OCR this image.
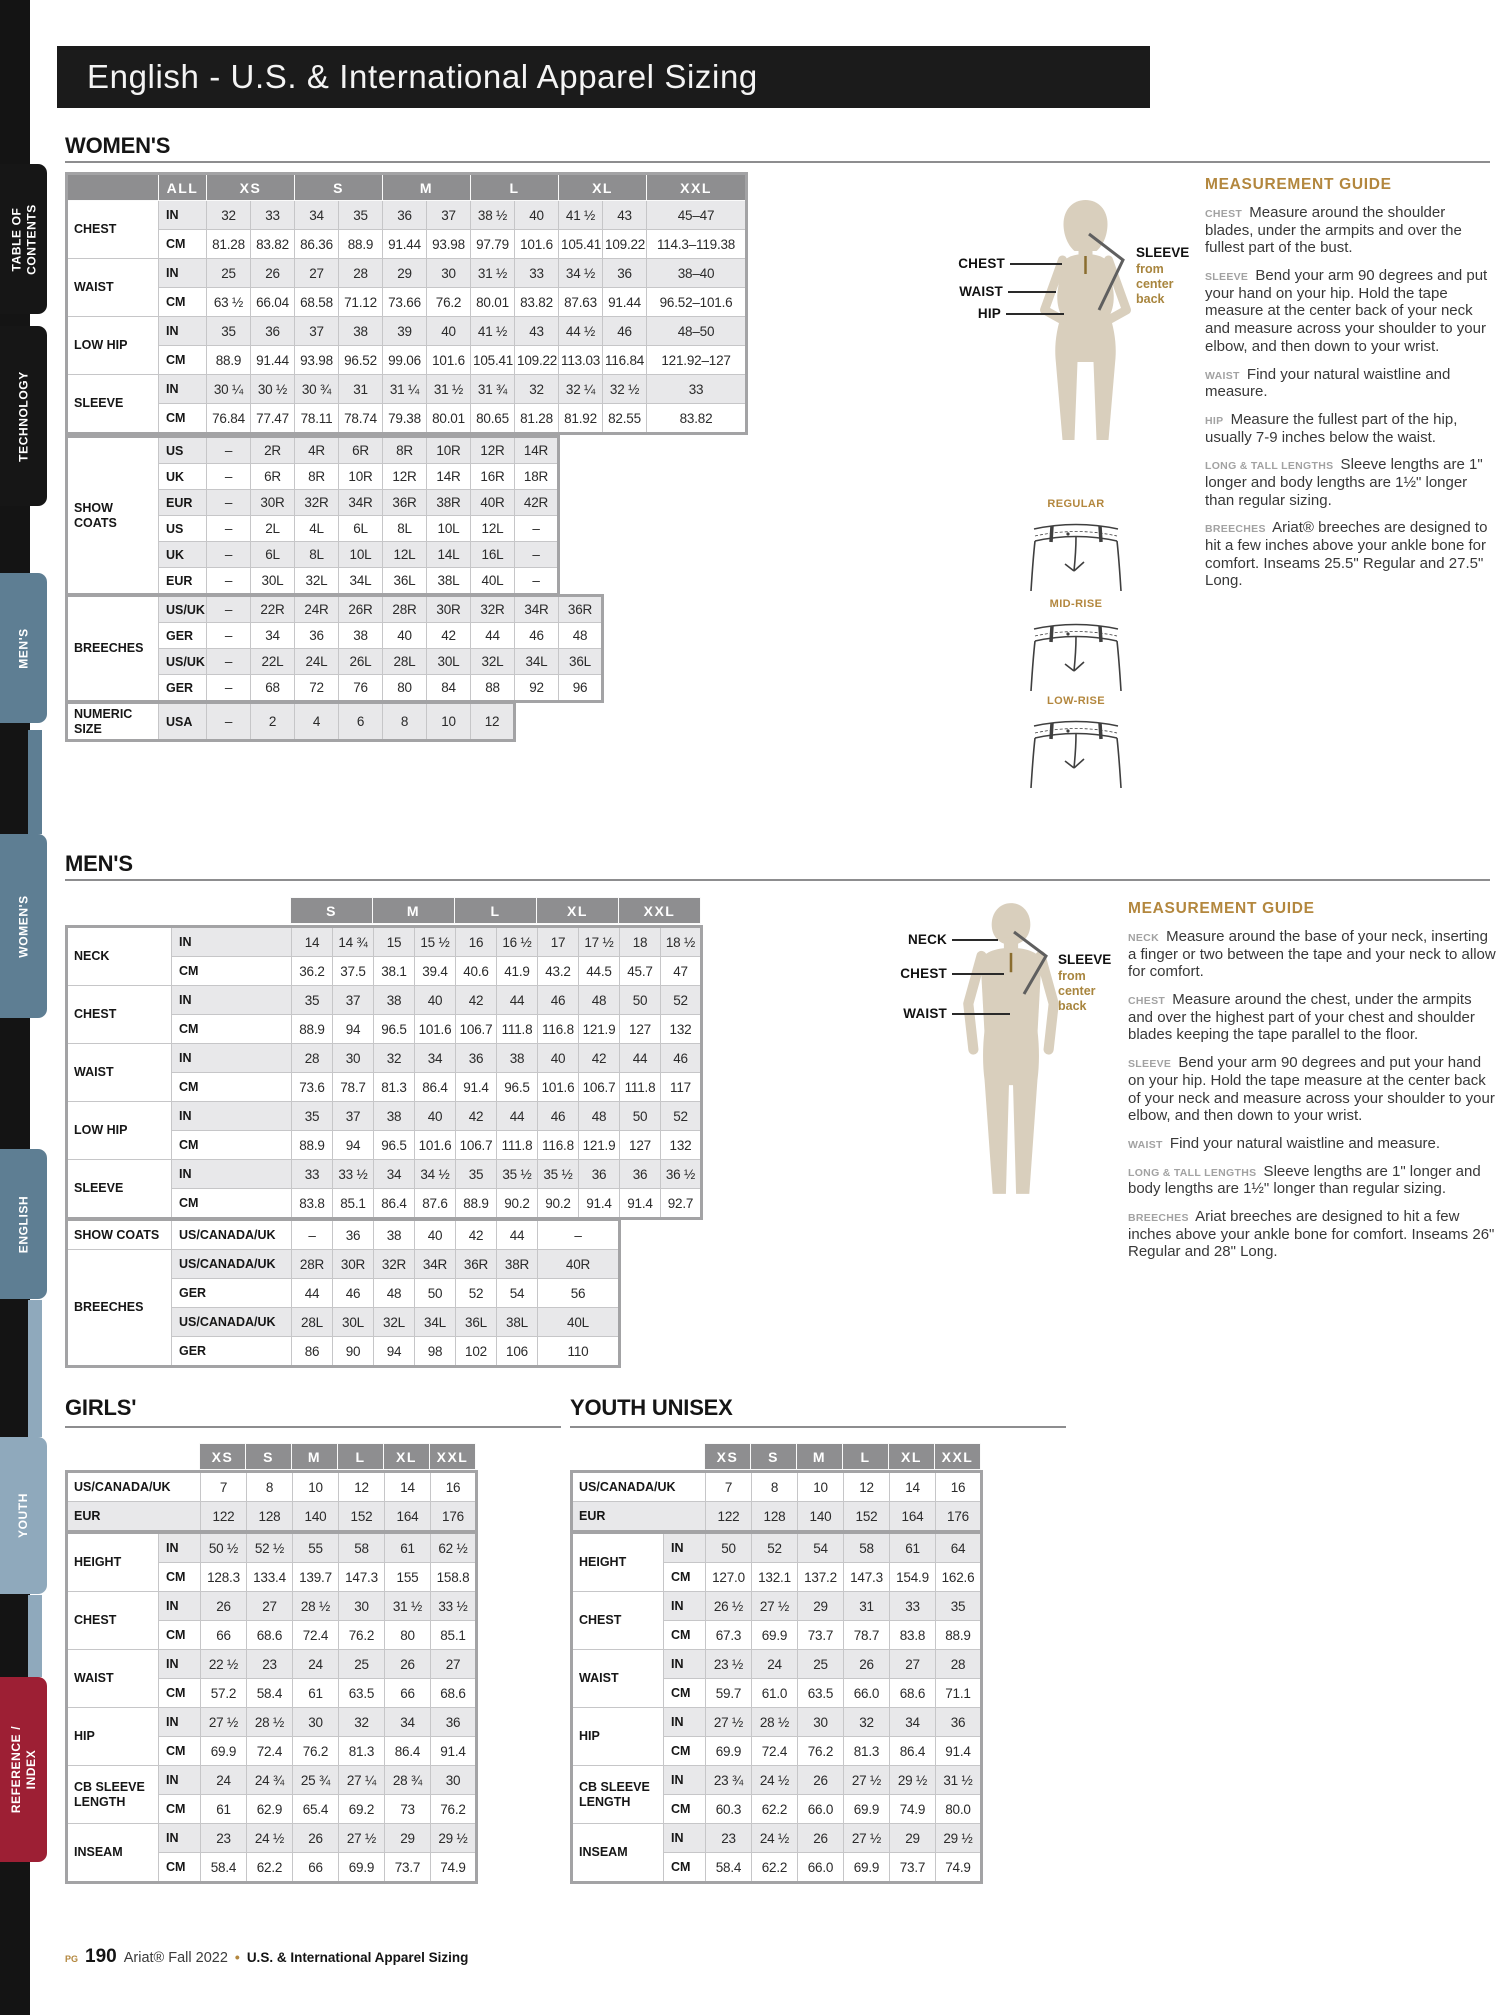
English - U.S. & International Apparel Sizing
WOMEN'S
	ALL	XS		S		M		L		XL		XXL
CHEST	IN	32	33	34	35	36	37	38 ½	40	41 ½	43	45–47
	CM	81.28	83.82	86.36	88.9	91.44	93.98	97.79	101.6	105.41	109.22	114.3–119.38
WAIST	IN	25	26	27	28	29	30	31 ½	33	34 ½	36	38–40
	CM	63 ½	66.04	68.58	71.12	73.66	76.2	80.01	83.82	87.63	91.44	96.52–101.6
LOW HIP	IN	35	36	37	38	39	40	41 ½	43	44 ½	46	48–50
	CM	88.9	91.44	93.98	96.52	99.06	101.6	105.41	109.22	113.03	116.84	121.92–127
SLEEVE	IN	30 ¼	30 ½	30 ¾	31	31 ¼	31 ½	31 ¾	32	32 ¼	32 ½	33
	CM	76.84	77.47	78.11	78.74	79.38	80.01	80.65	81.28	81.92	82.55	83.82
SHOW COATS	US	–	2R	4R	6R	8R	10R	12R	14R
	UK	–	6R	8R	10R	12R	14R	16R	18R
	EUR	–	30R	32R	34R	36R	38R	40R	42R
	US	–	2L	4L	6L	8L	10L	12L	–
	UK	–	6L	8L	10L	12L	14L	16L	–
	EUR	–	30L	32L	34L	36L	38L	40L	–
BREECHES	US/UK	–	22R	24R	26R	28R	30R	32R	34R	36R
	GER	–	34	36	38	40	42	44	46	48
	US/UK	–	22L	24L	26L	28L	30L	32L	34L	36L
	GER	–	68	72	76	80	84	88	92	96
NUMERIC SIZE	USA	–	2	4	6	8	10	12
CHEST
WAIST
HIP
SLEEVE
from center back
REGULAR
MID-RISE
LOW-RISE
MEASUREMENT GUIDE

CHEST Measure around the shoulder blades, under the armpits and over the fullest part of the bust.

SLEEVE Bend your arm 90 degrees and put your hand on your hip. Hold the tape measure at the center back of your neck and measure across your shoulder to your elbow, and then down to your wrist.

WAIST Find your natural waistline and measure.

HIP Measure the fullest part of the hip, usually 7-9 inches below the waist.

LONG & TALL LENGTHS Sleeve lengths are 1" longer and body lengths are 1½" longer than regular sizing.

BREECHES Ariat® breeches are designed to hit a few inches above your ankle bone for comfort. Inseams 25.5" Regular and 27.5" Long.

MEN'S
S	M	L	XL	XXL
NECK	IN	14	14 ¾	15	15 ½	16	16 ½	17	17 ½	18	18 ½
	CM	36.2	37.5	38.1	39.4	40.6	41.9	43.2	44.5	45.7	47
CHEST	IN	35	37	38	40	42	44	46	48	50	52
	CM	88.9	94	96.5	101.6	106.7	111.8	116.8	121.9	127	132
WAIST	IN	28	30	32	34	36	38	40	42	44	46
	CM	73.6	78.7	81.3	86.4	91.4	96.5	101.6	106.7	111.8	117
LOW HIP	IN	35	37	38	40	42	44	46	48	50	52
	CM	88.9	94	96.5	101.6	106.7	111.8	116.8	121.9	127	132
SLEEVE	IN	33	33 ½	34	34 ½	35	35 ½	35 ½	36	36	36 ½
	CM	83.8	85.1	86.4	87.6	88.9	90.2	90.2	91.4	91.4	92.7
SHOW COATS	US/CANADA/UK	–	36	38	40	42	44	–
BREECHES	US/CANADA/UK	28R	30R	32R	34R	36R	38R	40R
	GER	44	46	48	50	52	54	56
	US/CANADA/UK	28L	30L	32L	34L	36L	38L	40L
	GER	86	90	94	98	102	106	110
NECK
CHEST
WAIST
SLEEVE
from center back
MEASUREMENT GUIDE

NECK Measure around the base of your neck, inserting a finger or two between the tape and your neck to allow for comfort.

CHEST Measure around the chest, under the armpits and over the highest part of your chest and shoulder blades keeping the tape parallel to the floor.

SLEEVE Bend your arm 90 degrees and put your hand on your hip. Hold the tape measure at the center back of your neck and measure across your shoulder to your elbow, and then down to your wrist.

WAIST Find your natural waistline and measure.

LONG & TALL LENGTHS Sleeve lengths are 1" longer and body lengths are 1½" longer than regular sizing.

BREECHES Ariat breeches are designed to hit a few inches above your ankle bone for comfort. Inseams 26" Regular and 28" Long.

GIRLS'	YOUTH UNISEX
XS	S	M	L	XL	XXL
US/CANADA/UK	7	8	10	12	14	16
EUR	122	128	140	152	164	176
HEIGHT	IN	50 ½	52 ½	55	58	61	62 ½
	CM	128.3	133.4	139.7	147.3	155	158.8
CHEST	IN	26	27	28 ½	30	31 ½	33 ½
	CM	66	68.6	72.4	76.2	80	85.1
WAIST	IN	22 ½	23	24	25	26	27
	CM	57.2	58.4	61	63.5	66	68.6
HIP	IN	27 ½	28 ½	30	32	34	36
	CM	69.9	72.4	76.2	81.3	86.4	91.4
CB SLEEVE LENGTH	IN	24	24 ¾	25 ¾	27 ¼	28 ¾	30
	CM	61	62.9	65.4	69.2	73	76.2
INSEAM	IN	23	24 ½	26	27 ½	29	29 ½
	CM	58.4	62.2	66	69.9	73.7	74.9
XS	S	M	L	XL	XXL
US/CANADA/UK	7	8	10	12	14	16
EUR	122	128	140	152	164	176
HEIGHT	IN	50	52	54	58	61	64
	CM	127.0	132.1	137.2	147.3	154.9	162.6
CHEST	IN	26 ½	27 ½	29	31	33	35
	CM	67.3	69.9	73.7	78.7	83.8	88.9
WAIST	IN	23 ½	24	25	26	27	28
	CM	59.7	61.0	63.5	66.0	68.6	71.1
HIP	IN	27 ½	28 ½	30	32	34	36
	CM	69.9	72.4	76.2	81.3	86.4	91.4
CB SLEEVE LENGTH	IN	23 ¾	24 ½	26	27 ½	29 ½	31 ½
	CM	60.3	62.2	66.0	69.9	74.9	80.0
INSEAM	IN	23	24 ½	26	27 ½	29	29 ½
	CM	58.4	62.2	66.0	69.9	73.7	74.9
PG 190 Ariat® Fall 2022 • U.S. & International Apparel Sizing
TABLE OF CONTENTS
TECHNOLOGY
MEN'S
WOMEN'S
ENGLISH
YOUTH
REFERENCE / INDEX
